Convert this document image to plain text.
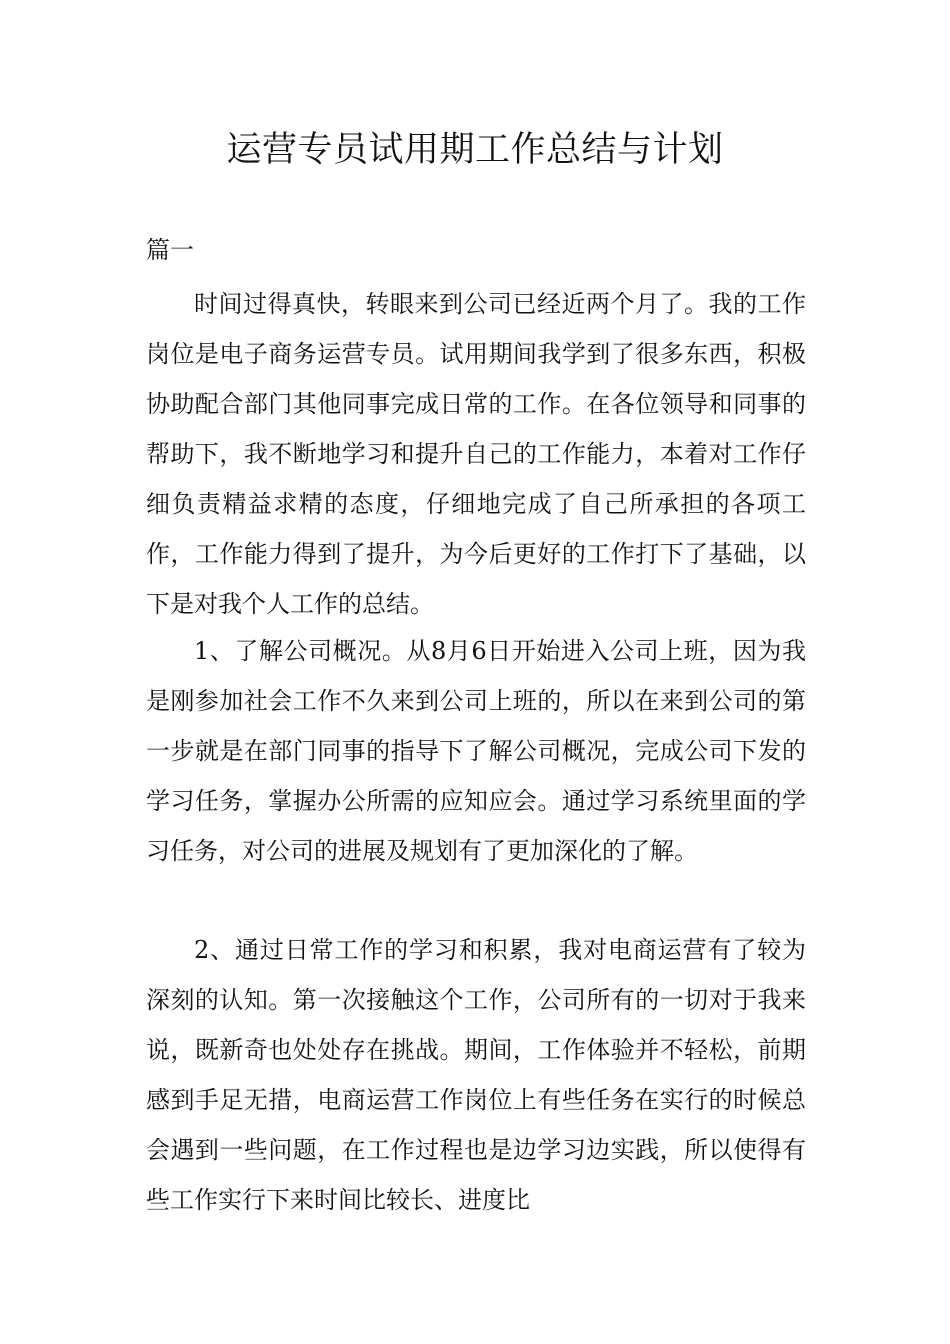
运营专员试用期工作总结与计划
篇一

时间过得真快，转眼来到公司已经近两个月了。我的工作岗位是电子商务运营专员。试用期间我学到了很多东西，积极协助配合部门其他同事完成日常的工作。在各位领导和同事的帮助下，我不断地学习和提升自己的工作能力，本着对工作仔细负责精益求精的态度，仔细地完成了自己所承担的各项工作，工作能力得到了提升，为今后更好的工作打下了基础，以下是对我个人工作的总结。

1、了解公司概况。从8月6日开始进入公司上班，因为我是刚参加社会工作不久来到公司上班的，所以在来到公司的第一步就是在部门同事的指导下了解公司概况，完成公司下发的学习任务，掌握办公所需的应知应会。通过学习系统里面的学习任务，对公司的进展及规划有了更加深化的了解。

2、通过日常工作的学习和积累，我对电商运营有了较为深刻的认知。第一次接触这个工作，公司所有的一切对于我来说，既新奇也处处存在挑战。期间，工作体验并不轻松，前期感到手足无措，电商运营工作岗位上有些任务在实行的时候总会遇到一些问题，在工作过程也是边学习边实践，所以使得有些工作实行下来时间比较长、进度比
